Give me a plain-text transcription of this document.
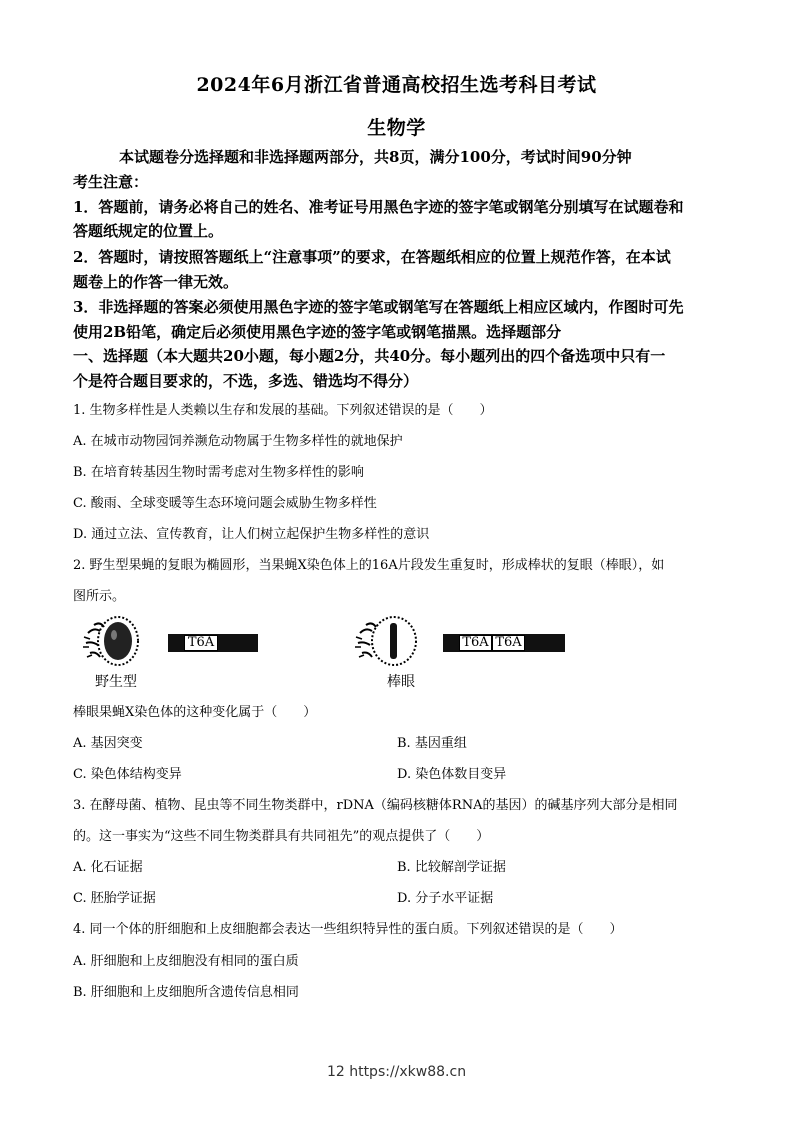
2024年6月浙江省普通高校招生选考科目考试
生物学
本试题卷分选择题和非选择题两部分，共8页，满分100分，考试时间90分钟
考生注意：
1．答题前，请务必将自己的姓名、准考证号用黑色字迹的签字笔或钢笔分别填写在试题卷和
答题纸规定的位置上。
2．答题时，请按照答题纸上“注意事项”的要求，在答题纸相应的位置上规范作答，在本试
题卷上的作答一律无效。
3．非选择题的答案必须使用黑色字迹的签字笔或钢笔写在答题纸上相应区域内，作图时可先
使用2B铅笔，确定后必须使用黑色字迹的签字笔或钢笔描黑。选择题部分
一、选择题（本大题共20小题，每小题2分，共40分。每小题列出的四个备选项中只有一
个是符合题目要求的，不选，多选、错选均不得分）
1. 生物多样性是人类赖以生存和发展的基础。下列叙述错误的是（　　）
A. 在城市动物园饲养濒危动物属于生物多样性的就地保护
B. 在培育转基因生物时需考虑对生物多样性的影响
C. 酸雨、全球变暖等生态环境问题会威胁生物多样性
D. 通过立法、宣传教育，让人们树立起保护生物多样性的意识
2. 野生型果蝇的复眼为椭圆形，当果蝇X染色体上的16A片段发生重复时，形成棒状的复眼（棒眼），如
图所示。
T6A
野生型
T6A T6A
棒眼
棒眼果蝇X染色体的这种变化属于（　　）
A. 基因突变	B. 基因重组
C. 染色体结构变异	D. 染色体数目变异
3. 在酵母菌、植物、昆虫等不同生物类群中，rDNA（编码核糖体RNA的基因）的碱基序列大部分是相同
的。这一事实为“这些不同生物类群具有共同祖先”的观点提供了（　　）
A. 化石证据	B. 比较解剖学证据
C. 胚胎学证据	D. 分子水平证据
4. 同一个体的肝细胞和上皮细胞都会表达一些组织特异性的蛋白质。下列叙述错误的是（　　）
A. 肝细胞和上皮细胞没有相同的蛋白质
B. 肝细胞和上皮细胞所含遗传信息相同
12 https://xkw88.cn
